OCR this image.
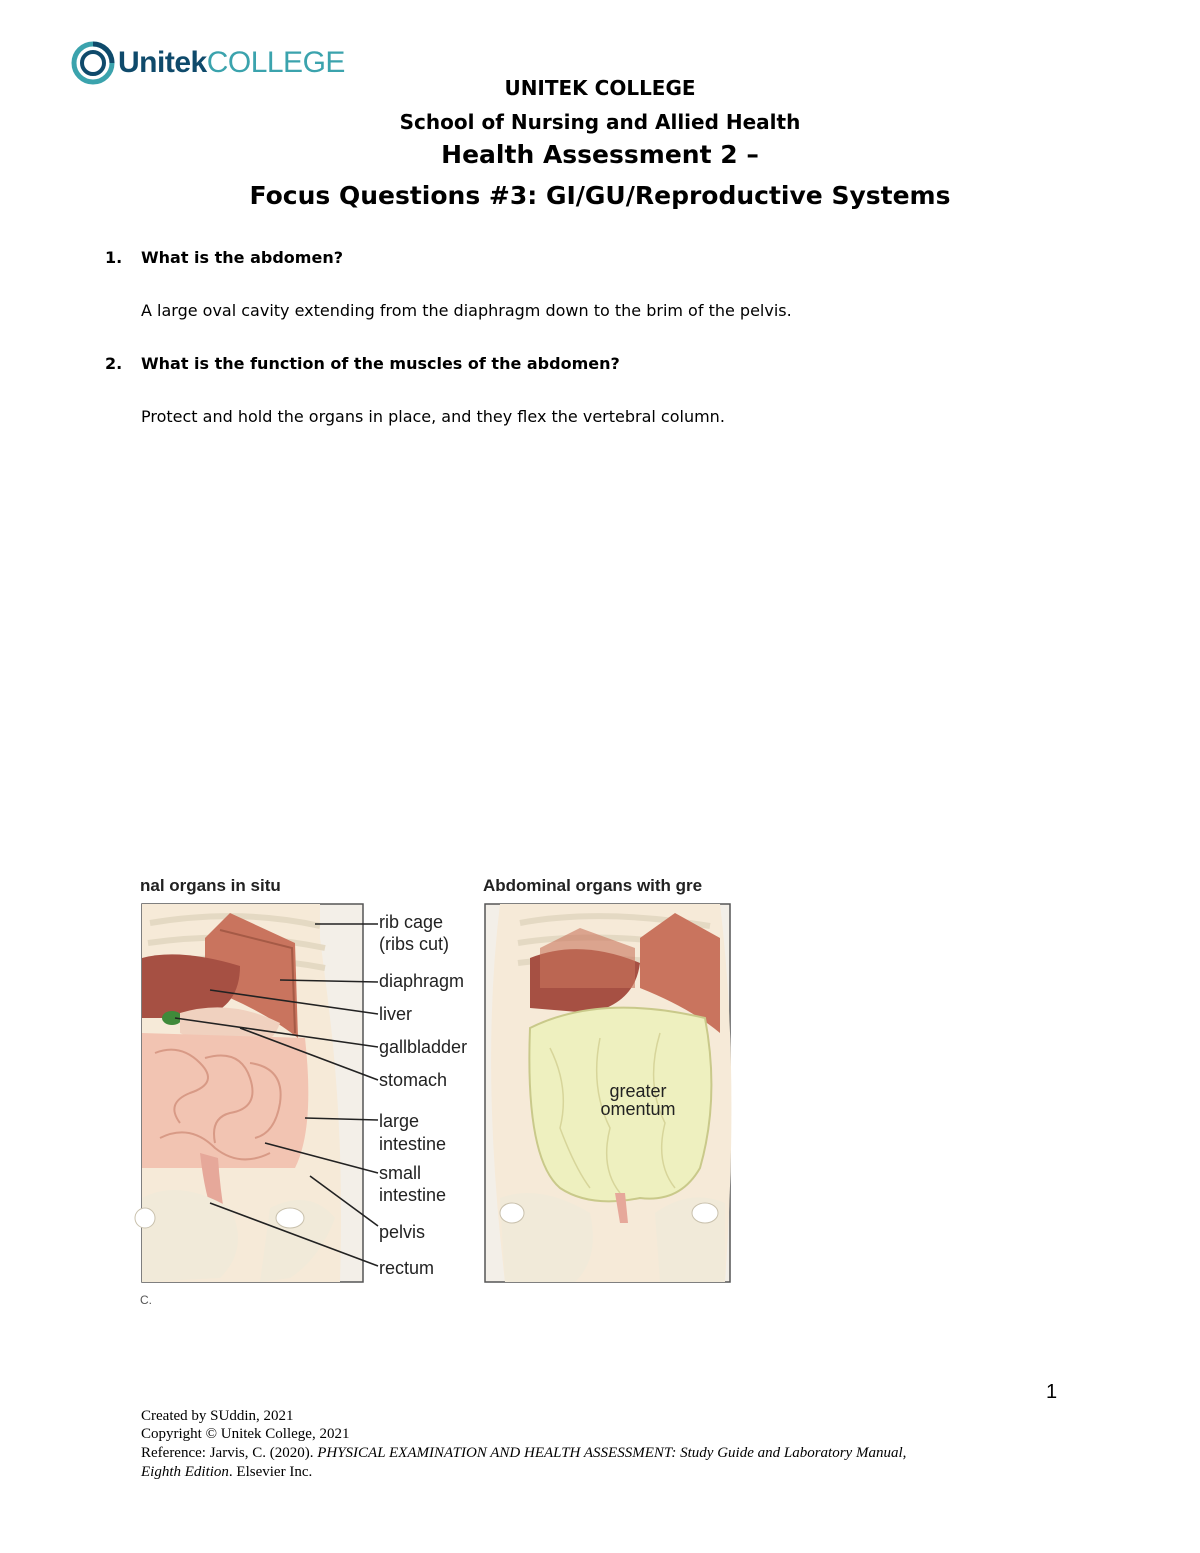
UnitekCOLLEGE
UNITEK COLLEGE
School of Nursing and Allied Health
Health Assessment 2 –
Focus Questions #3: GI/GU/Reproductive Systems
1. What is the abdomen?
A large oval cavity extending from the diaphragm down to the brim of the pelvis.
2. What is the function of the muscles of the abdomen?
Protect and hold the organs in place, and they flex the vertebral column.
nal organs in situ	Abdominal organs with gre
rib cage
(ribs cut)
diaphragm
liver
gallbladder
stomach
large
intestine
small
intestine
pelvis
rectum
greater
omentum
C.
1
Created by SUddin, 2021
Copyright © Unitek College, 2021
Reference: Jarvis, C. (2020). PHYSICAL EXAMINATION AND HEALTH ASSESSMENT: Study Guide and Laboratory Manual,
Eighth Edition. Elsevier Inc.
